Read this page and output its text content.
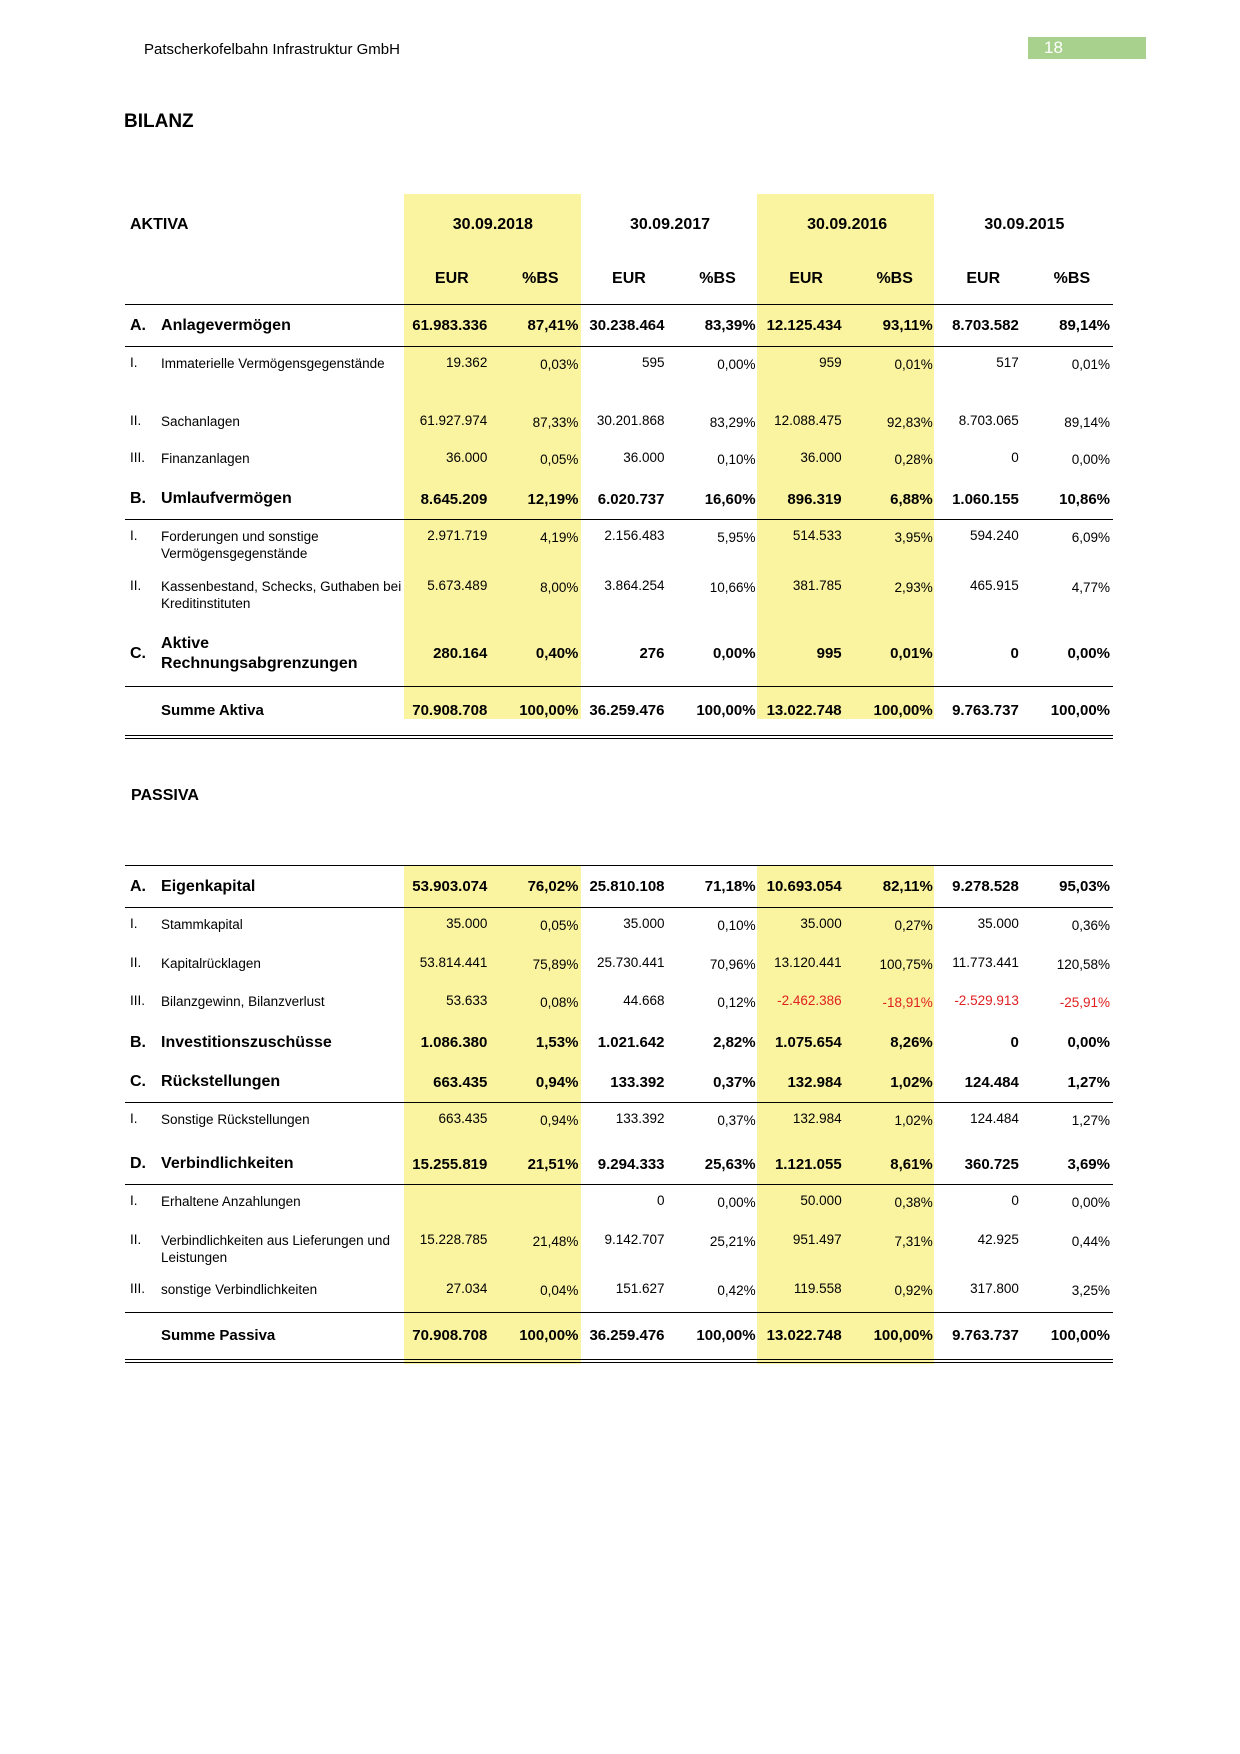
Patscherkofelbahn Infrastruktur GmbH	18
BILANZ
AKTIVA		30.09.2018		30.09.2017		30.09.2016		30.09.2015	
		EUR	%BS	EUR	%BS	EUR	%BS	EUR	%BS
A.	Anlagevermögen	61.983.336	87,41%	30.238.464	83,39%	12.125.434	93,11%	8.703.582	89,14%
I.	Immaterielle Vermögensgegenstände	19.362	0,03%	595	0,00%	959	0,01%	517	0,01%
II.	Sachanlagen	61.927.974	87,33%	30.201.868	83,29%	12.088.475	92,83%	8.703.065	89,14%
III.	Finanzanlagen	36.000	0,05%	36.000	0,10%	36.000	0,28%	0	0,00%
B.	Umlaufvermögen	8.645.209	12,19%	6.020.737	16,60%	896.319	6,88%	1.060.155	10,86%
I.	Forderungen und sonstige Vermögensgegenstände	2.971.719	4,19%	2.156.483	5,95%	514.533	3,95%	594.240	6,09%
II.	Kassenbestand, Schecks, Guthaben bei Kreditinstituten	5.673.489	8,00%	3.864.254	10,66%	381.785	2,93%	465.915	4,77%
C.	Aktive Rechnungsabgrenzungen	280.164	0,40%	276	0,00%	995	0,01%	0	0,00%
	Summe Aktiva	70.908.708	100,00%	36.259.476	100,00%	13.022.748	100,00%	9.763.737	100,00%
PASSIVA
A.	Eigenkapital	53.903.074	76,02%	25.810.108	71,18%	10.693.054	82,11%	9.278.528	95,03%
I.	Stammkapital	35.000	0,05%	35.000	0,10%	35.000	0,27%	35.000	0,36%
II.	Kapitalrücklagen	53.814.441	75,89%	25.730.441	70,96%	13.120.441	100,75%	11.773.441	120,58%
III.	Bilanzgewinn, Bilanzverlust	53.633	0,08%	44.668	0,12%	-2.462.386	-18,91%	-2.529.913	-25,91%
B.	Investitionszuschüsse	1.086.380	1,53%	1.021.642	2,82%	1.075.654	8,26%	0	0,00%
C.	Rückstellungen	663.435	0,94%	133.392	0,37%	132.984	1,02%	124.484	1,27%
I.	Sonstige Rückstellungen	663.435	0,94%	133.392	0,37%	132.984	1,02%	124.484	1,27%
D.	Verbindlichkeiten	15.255.819	21,51%	9.294.333	25,63%	1.121.055	8,61%	360.725	3,69%
I.	Erhaltene Anzahlungen			0	0,00%	50.000	0,38%	0	0,00%
II.	Verbindlichkeiten aus Lieferungen und Leistungen	15.228.785	21,48%	9.142.707	25,21%	951.497	7,31%	42.925	0,44%
III.	sonstige Verbindlichkeiten	27.034	0,04%	151.627	0,42%	119.558	0,92%	317.800	3,25%
	Summe Passiva	70.908.708	100,00%	36.259.476	100,00%	13.022.748	100,00%	9.763.737	100,00%
